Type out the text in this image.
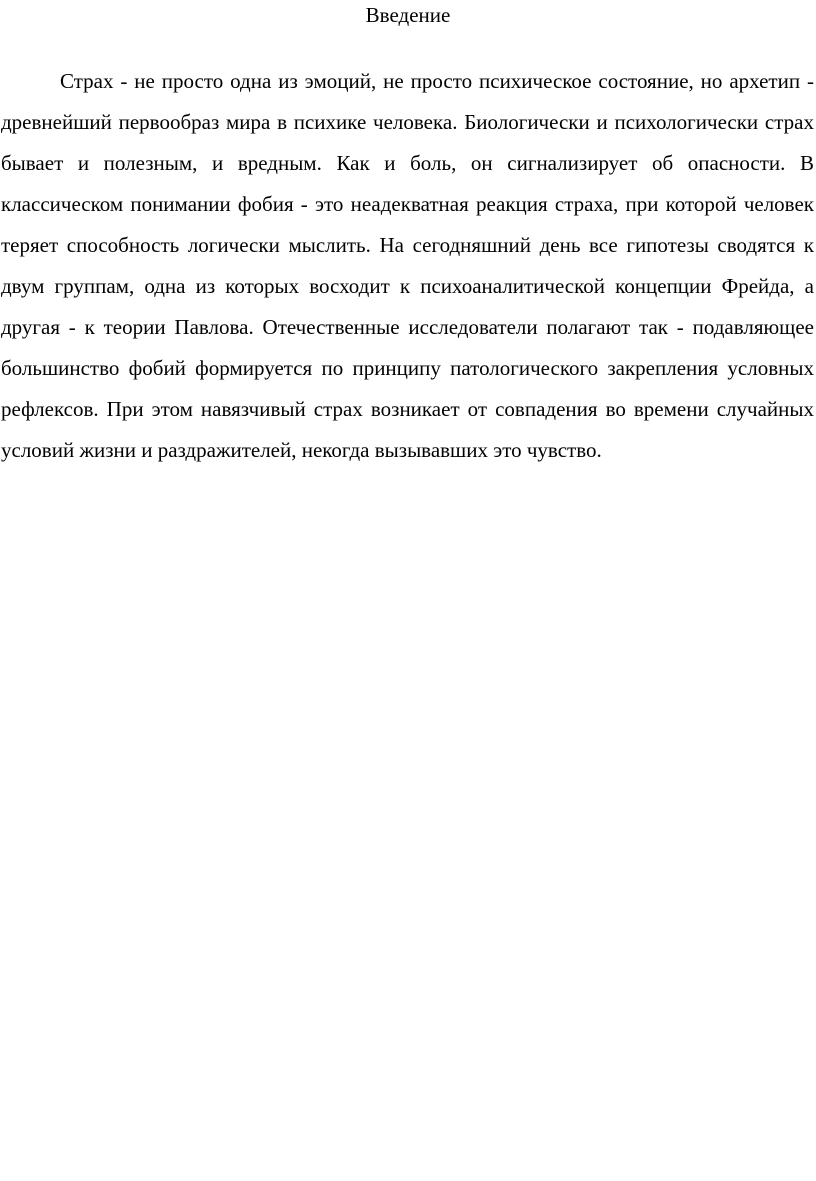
Введение

Страх - не просто одна из эмоций, не просто психическое состояние, но архетип - древнейший первообраз мира в психике человека. Биологически и психологически страх бывает и полезным, и вредным. Как и боль, он сигнализирует об опасности. В классическом понимании фобия - это неадекватная реакция страха, при которой человек теряет способность логически мыслить. На сегодняшний день все гипотезы сводятся к двум группам, одна из которых восходит к психоаналитической концепции Фрейда, а другая - к теории Павлова. Отечественные исследователи полагают так - подавляющее большинство фобий формируется по принципу патологического закрепления условных рефлексов. При этом навязчивый страх возникает от совпадения во времени случайных условий жизни и раздражителей, некогда вызывавших это чувство.
